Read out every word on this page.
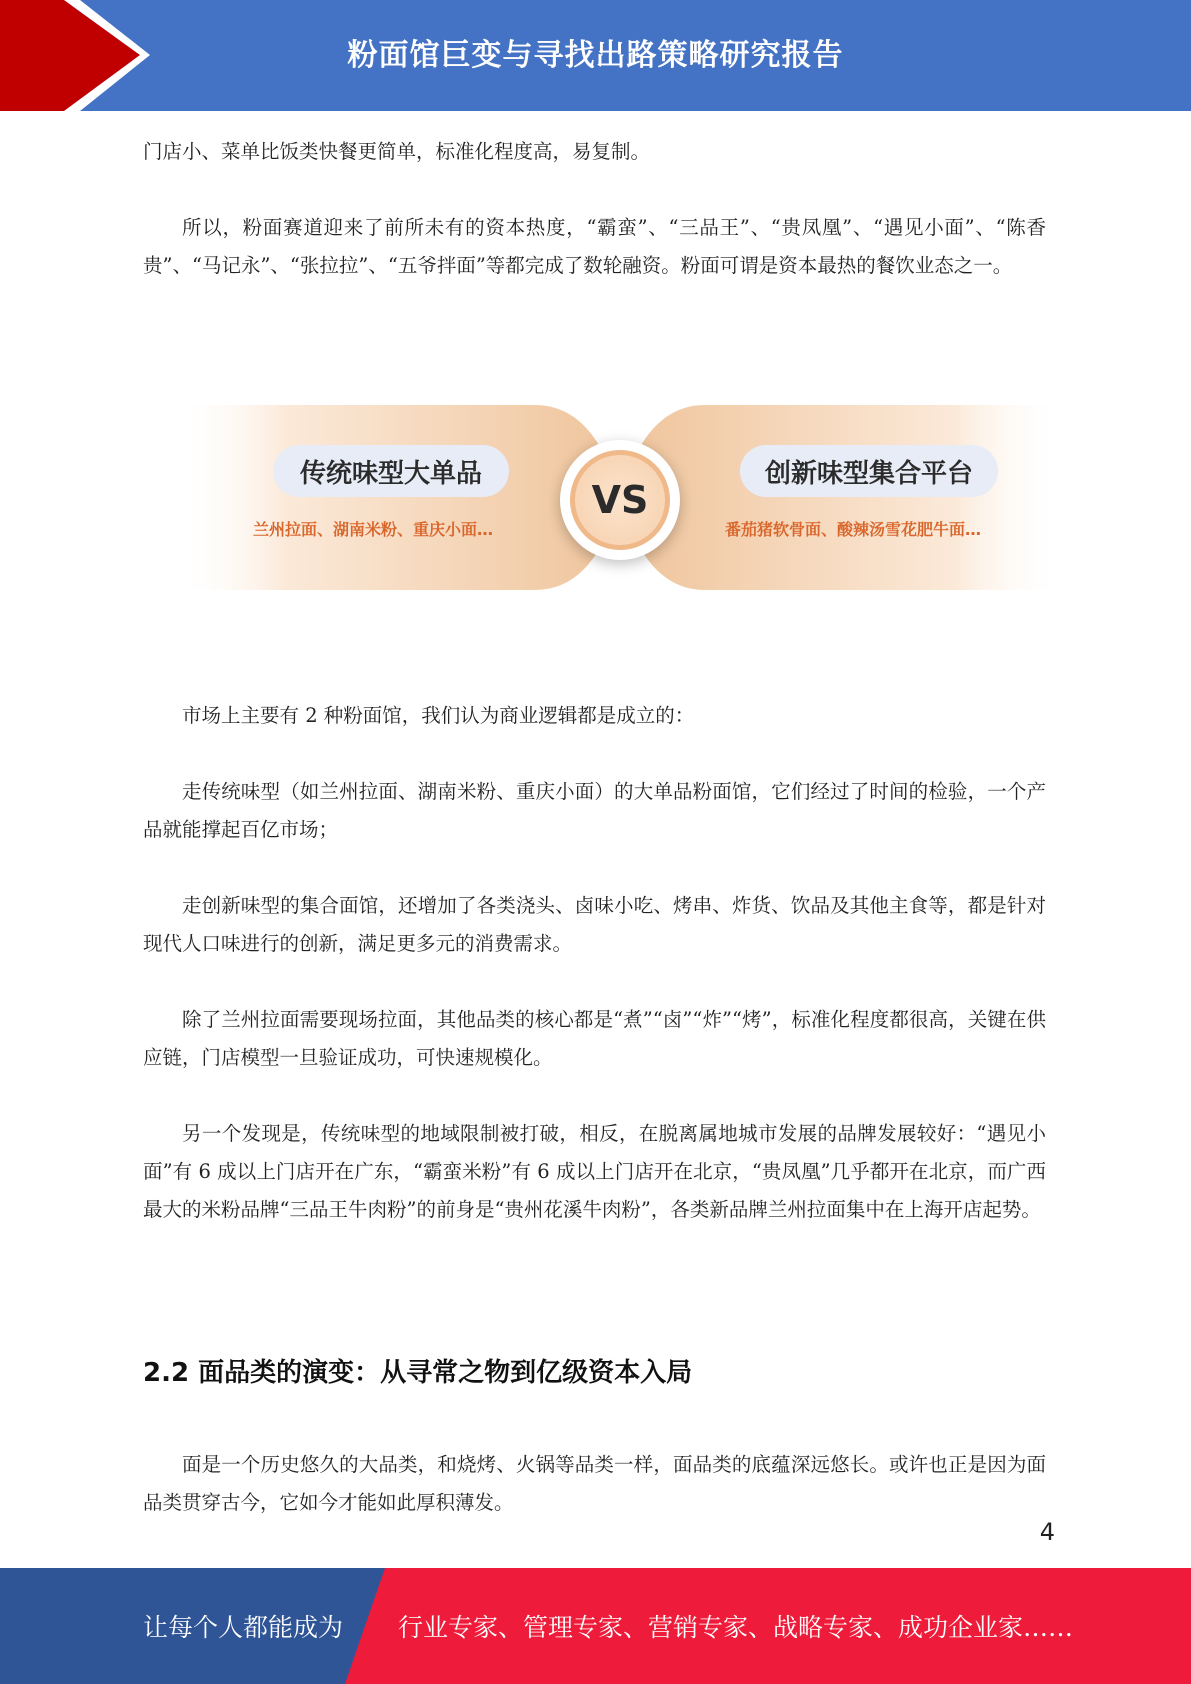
粉面馆巨变与寻找出路策略研究报告

门店小、菜单比饭类快餐更简单，标准化程度高，易复制。

所以，粉面赛道迎来了前所未有的资本热度，“霸蛮”、“三品王”、“贵凤凰”、“遇见小面”、“陈香贵”、“马记永”、“张拉拉”、“五爷拌面”等都完成了数轮融资。粉面可谓是资本最热的餐饮业态之一。

传统味型大单品
兰州拉面、湖南米粉、重庆小面…
创新味型集合平台
番茄猪软骨面、酸辣汤雪花肥牛面…
VS

市场上主要有 2 种粉面馆，我们认为商业逻辑都是成立的：

走传统味型（如兰州拉面、湖南米粉、重庆小面）的大单品粉面馆，它们经过了时间的检验，一个产品就能撑起百亿市场；

走创新味型的集合面馆，还增加了各类浇头、卤味小吃、烤串、炸货、饮品及其他主食等，都是针对现代人口味进行的创新，满足更多元的消费需求。

除了兰州拉面需要现场拉面，其他品类的核心都是“煮”“卤”“炸”“烤”，标准化程度都很高，关键在供应链，门店模型一旦验证成功，可快速规模化。

另一个发现是，传统味型的地域限制被打破，相反，在脱离属地城市发展的品牌发展较好：“遇见小面”有 6 成以上门店开在广东，“霸蛮米粉”有 6 成以上门店开在北京，“贵凤凰”几乎都开在北京，而广西最大的米粉品牌“三品王牛肉粉”的前身是“贵州花溪牛肉粉”，各类新品牌兰州拉面集中在上海开店起势。

2.2 面品类的演变：从寻常之物到亿级资本入局

面是一个历史悠久的大品类，和烧烤、火锅等品类一样，面品类的底蕴深远悠长。或许也正是因为面品类贯穿古今，它如今才能如此厚积薄发。

4
让每个人都能成为 行业专家、管理专家、营销专家、战略专家、成功企业家……
